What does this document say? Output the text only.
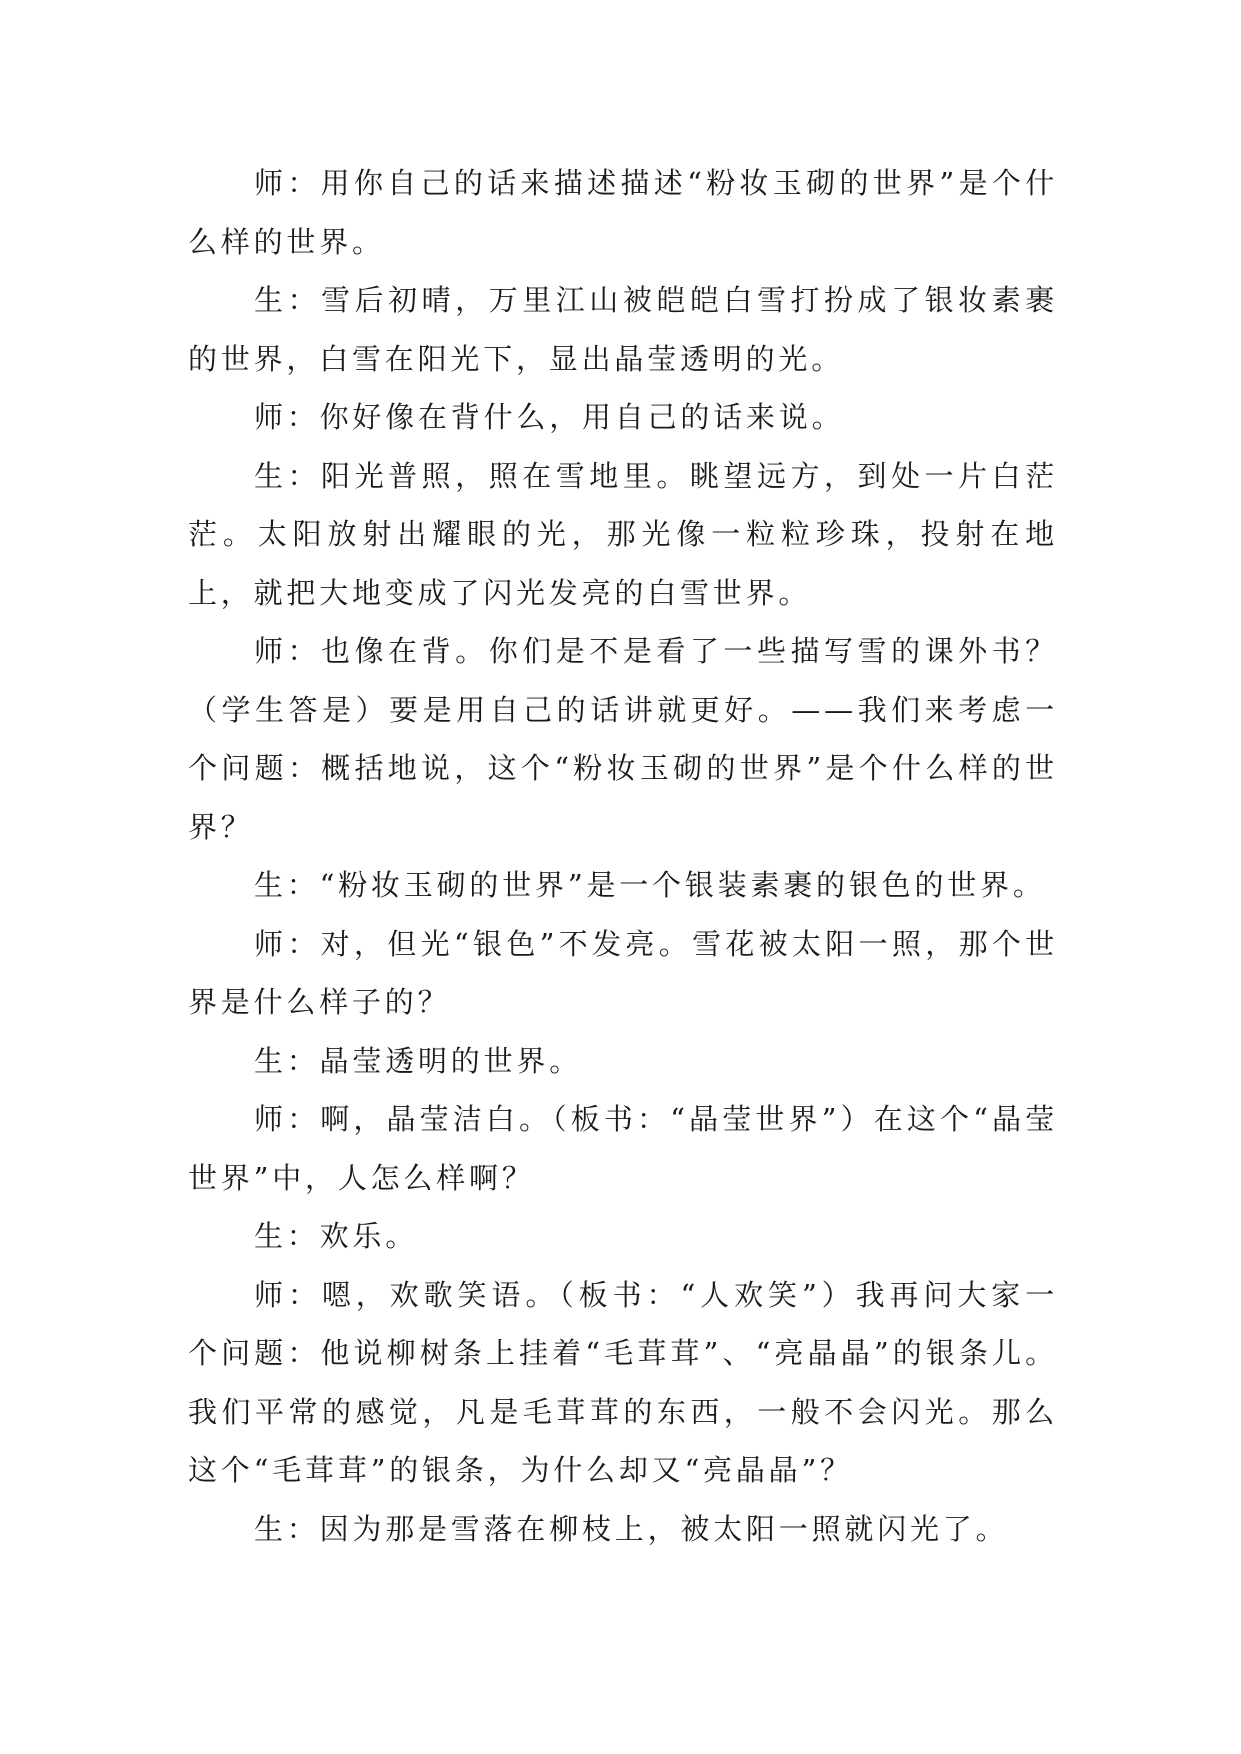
师：用你自己的话来描述描述“粉妆玉砌的世界”是个什么样的世界。

生：雪后初晴，万里江山被皑皑白雪打扮成了银妆素裹的世界，白雪在阳光下，显出晶莹透明的光。

师：你好像在背什么，用自己的话来说。

生：阳光普照，照在雪地里。眺望远方，到处一片白茫茫。太阳放射出耀眼的光，那光像一粒粒珍珠，投射在地上，就把大地变成了闪光发亮的白雪世界。

师：也像在背。你们是不是看了一些描写雪的课外书？（学生答是）要是用自己的话讲就更好。——我们来考虑一个问题：概括地说，这个“粉妆玉砌的世界”是个什么样的世界？

生：“粉妆玉砌的世界”是一个银装素裹的银色的世界。

师：对，但光“银色”不发亮。雪花被太阳一照，那个世界是什么样子的？

生：晶莹透明的世界。

师：啊，晶莹洁白。（板书：“晶莹世界”）在这个“晶莹世界”中，人怎么样啊？

生：欢乐。

师：嗯，欢歌笑语。（板书：“人欢笑”）我再问大家一个问题：他说柳树条上挂着“毛茸茸”、“亮晶晶”的银条儿。我们平常的感觉，凡是毛茸茸的东西，一般不会闪光。那么这个“毛茸茸”的银条，为什么却又“亮晶晶”？

生：因为那是雪落在柳枝上，被太阳一照就闪光了。
